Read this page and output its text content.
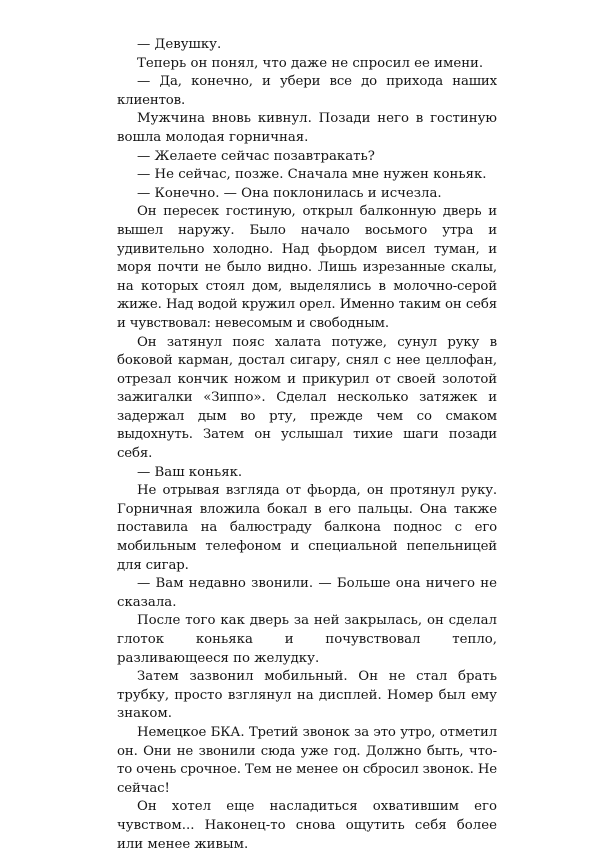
— Девушку.

Теперь он понял, что даже не спросил ее имени.

— Да, конечно, и убери все до прихода наших клиентов.

Мужчина вновь кивнул. Позади него в гостиную вошла молодая горничная.

— Желаете сейчас позавтракать?

— Не сейчас, позже. Сначала мне нужен коньяк.

— Конечно. — Она поклонилась и исчезла.

Он пересек гостиную, открыл балконную дверь и вышел наружу. Было начало восьмого утра и удивительно холодно. Над фьордом висел туман, и моря почти не было видно. Лишь изрезанные скалы, на которых стоял дом, выделялись в молочно-серой жиже. Над водой кружил орел. Именно таким он себя и чувствовал: невесомым и свободным.

Он затянул пояс халата потуже, сунул руку в боковой карман, достал сигару, снял с нее целлофан, отрезал кончик ножом и прикурил от своей золотой зажигалки «Зиппо». Сделал несколько затяжек и задержал дым во рту, прежде чем со смаком выдохнуть. Затем он услышал тихие шаги позади себя.

— Ваш коньяк.

Не отрывая взгляда от фьорда, он протянул руку. Горничная вложила бокал в его пальцы. Она также поставила на балюстраду балкона поднос с его мобильным телефоном и специальной пепельницей для сигар.

— Вам недавно звонили. — Больше она ничего не сказала.

После того как дверь за ней закрылась, он сделал глоток коньяка и почувствовал тепло, разливающееся по желудку.

Затем зазвонил мобильный. Он не стал брать трубку, просто взглянул на дисплей. Номер был ему знаком.

Немецкое БКА. Третий звонок за это утро, отметил он. Они не звонили сюда уже год. Должно быть, что-то очень срочное. Тем не менее он сбросил звонок. Не сейчас!

Он хотел еще насладиться охватившим его чувством... Наконец-то снова ощутить себя более или менее живым.
